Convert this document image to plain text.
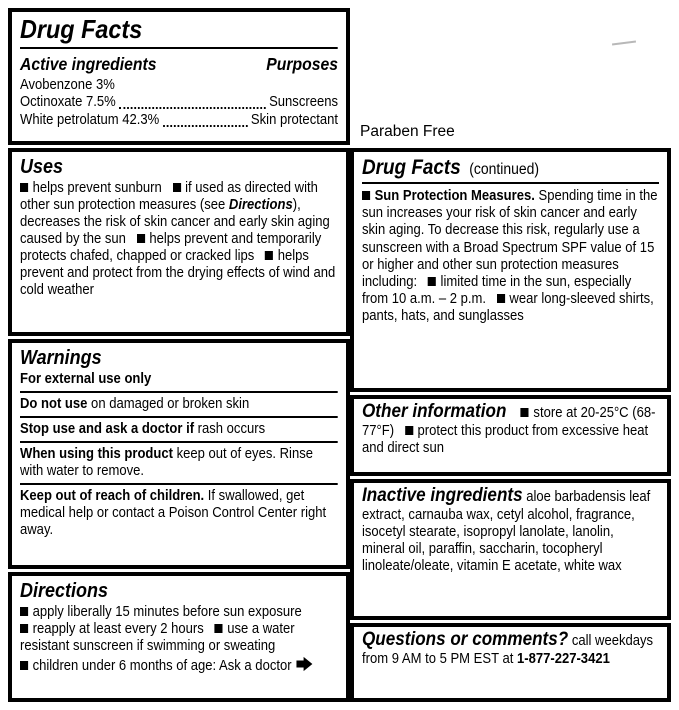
Drug Facts
Active ingredients	Purposes
Avobenzone 3%
Octinoxate 7.5%	Sunscreens
White petrolatum 42.3%	Skin protectant
Uses

helps prevent sunburn if used as directed with other sun protection measures (see Directions), decreases the risk of skin cancer and early skin aging caused by the sun helps prevent and temporarily protects chafed, chapped or cracked lips helps prevent and protect from the drying effects of wind and cold weather

Warnings

For external use only

Do not use on damaged or broken skin

Stop use and ask a doctor if rash occurs

When using this product keep out of eyes. Rinse with water to remove.

Keep out of reach of children. If swallowed, get medical help or contact a Poison Control Center right away.

Directions

apply liberally 15 minutes before sun exposure
reapply at least every 2 hours use a water resistant sunscreen if swimming or sweating
children under 6 months of age: Ask a doctor

Paraben Free
Drug Facts (continued)

Sun Protection Measures. Spending time in the sun increases your risk of skin cancer and early skin aging. To decrease this risk, regularly use a sunscreen with a Broad Spectrum SPF value of 15 or higher and other sun protection measures including: limited time in the sun, especially from 10 a.m. – 2 p.m. wear long-sleeved shirts, pants, hats, and sunglasses

Other information store at 20-25°C (68-77°F) protect this product from excessive heat and direct sun

Inactive ingredients aloe barbadensis leaf extract, carnauba wax, cetyl alcohol, fragrance, isocetyl stearate, isopropyl lanolate, lanolin, mineral oil, paraffin, saccharin, tocopheryl linoleate/oleate, vitamin E acetate, white wax

Questions or comments? call weekdays from 9 AM to 5 PM EST at 1-877-227-3421
